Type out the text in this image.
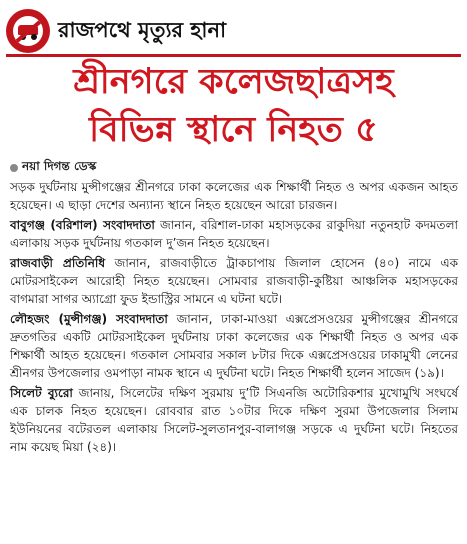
রাজপথে মৃত্যুর হানা
শ্রীনগরে কলেজছাত্রসহ
বিভিন্ন স্থানে নিহত ৫
নয়া দিগন্ত ডেস্ক

সড়ক দুর্ঘটনায় মুন্সীগঞ্জের শ্রীনগরে ঢাকা কলেজের এক শিক্ষার্থী নিহত ও অপর একজন আহত হয়েছেন। এ ছাড়া দেশের অন্যান্য স্থানে নিহত হয়েছেন আরো চারজন।

বাবুগঞ্জ (বরিশাল) সংবাদদাতা জানান, বরিশাল-ঢাকা মহাসড়কের রাকুদিয়া নতুনহাট কদমতলা এলাকায় সড়ক দুর্ঘটনায় গতকাল দু’জন নিহত হয়েছেন।

রাজবাড়ী প্রতিনিধি জানান, রাজবাড়ীতে ট্রাকচাপায় জিলাল হোসেন (৪০) নামে এক মোটরসাইকেল আরোহী নিহত হয়েছেন। সোমবার রাজবাড়ী-কুষ্টিয়া আঞ্চলিক মহাসড়কের বাগমারা সাগর অ্যাগ্রো ফুড ইন্ডাস্ট্রির সামনে এ ঘটনা ঘটে।

লৌহজং (মুন্সীগঞ্জ) সংবাদদাতা জানান, ঢাকা-মাওয়া এক্সপ্রেসওয়ের মুন্সীগঞ্জের শ্রীনগরে দ্রুতগতির একটি মোটরসাইকেল দুর্ঘটনায় ঢাকা কলেজের এক শিক্ষার্থী নিহত ও অপর এক শিক্ষার্থী আহত হয়েছেন। গতকাল সোমবার সকাল ৮টার দিকে এক্সপ্রেসওয়ের ঢাকামুখী লেনের শ্রীনগর উপজেলার ওমপাড়া নামক স্থানে এ দুর্ঘটনা ঘটে। নিহত শিক্ষার্থী হলেন সাজেদ (১৯)।

সিলেট ব্যুরো জানায়, সিলেটের দক্ষিণ সুরমায় দু’টি সিএনজি অটোরিকশার মুখোমুখি সংঘর্ষে এক চালক নিহত হয়েছেন। রোববার রাত ১০টার দিকে দক্ষিণ সুরমা উপজেলার সিলাম ইউনিয়নের বটেরতল এলাকায় সিলেট-সুলতানপুর-বালাগঞ্জ সড়কে এ দুর্ঘটনা ঘটে। নিহতের নাম কয়েছ মিয়া (২৪)।
